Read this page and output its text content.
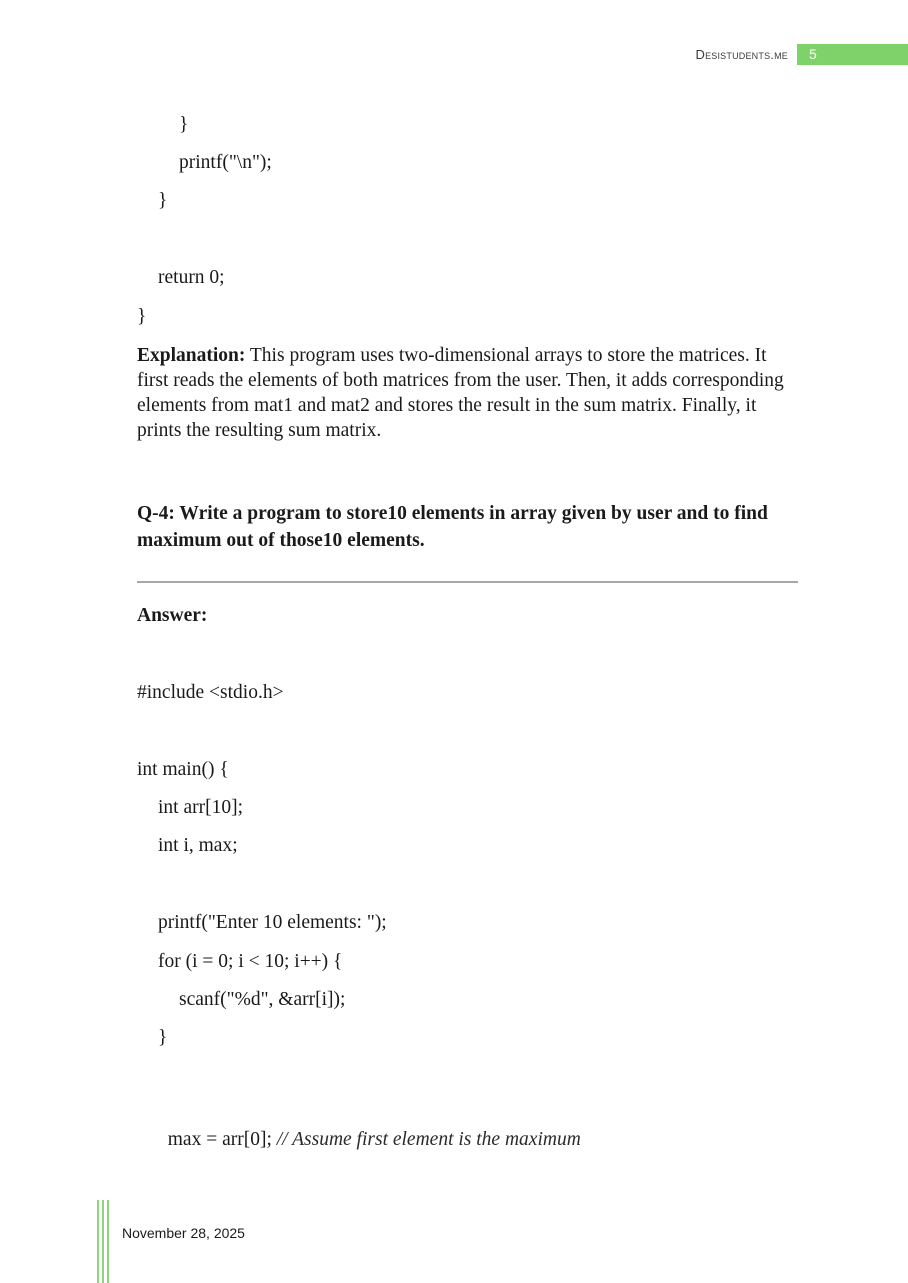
Desistudents.me	5
}
printf("\n");
}
return 0;
}
Explanation: This program uses two-dimensional arrays to store the matrices. It first reads the elements of both matrices from the user. Then, it adds corresponding elements from mat1 and mat2 and stores the result in the sum matrix. Finally, it prints the resulting sum matrix.
Q-4: Write a program to store10 elements in array given by user and to find maximum out of those10 elements.
Answer:
#include <stdio.h>
int main() {
int arr[10];
int i, max;
printf("Enter 10 elements: ");
for (i = 0; i < 10; i++) {
scanf("%d", &arr[i]);
}

max = arr[0]; // Assume first element is the maximum

November 28, 2025
